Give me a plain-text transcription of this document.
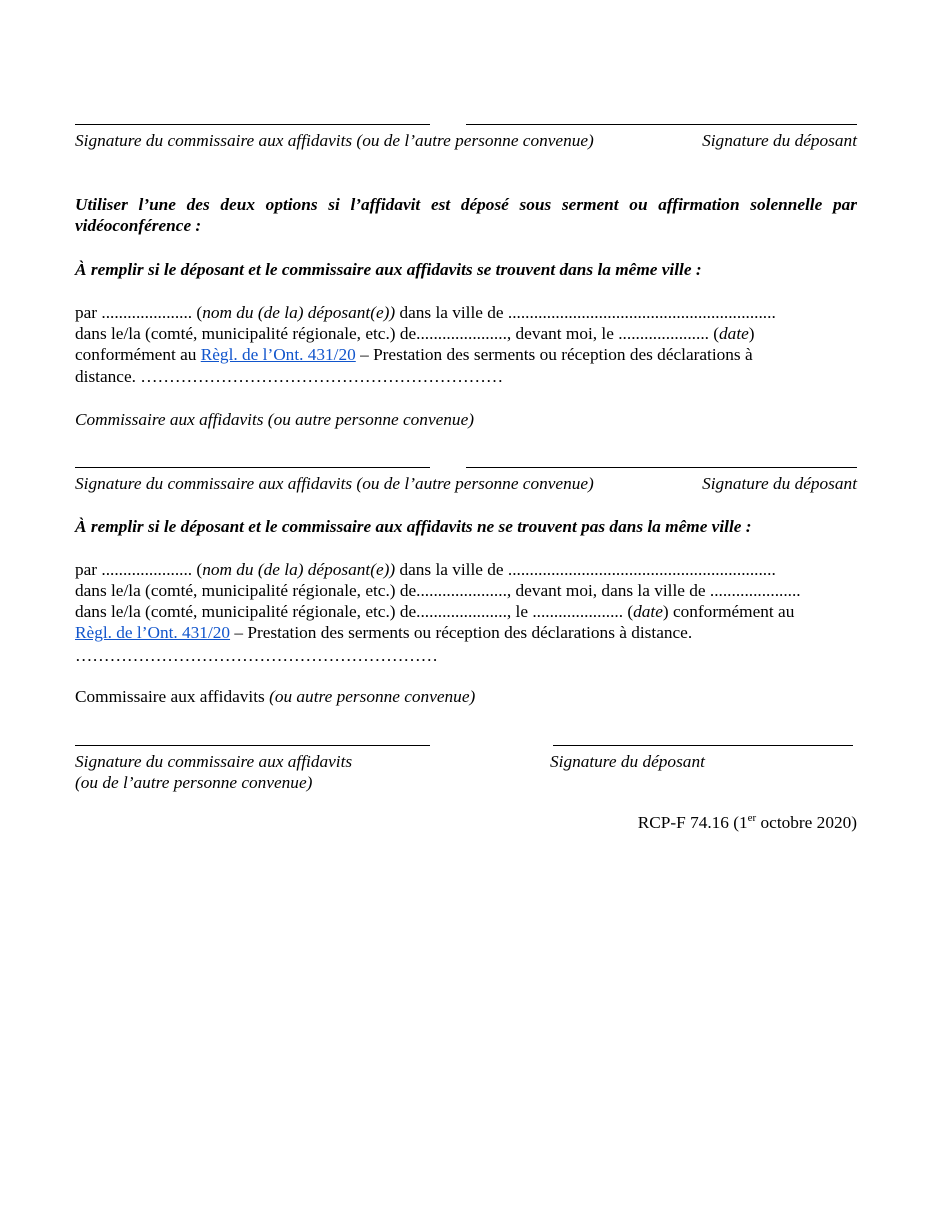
Signature du commissaire aux affidavits (ou de l’autre personne convenue)	Signature du déposant
Utiliser l’une des deux options si l’affidavit est déposé sous serment ou affirmation solennelle par
vidéoconférence :
À remplir si le déposant et le commissaire aux affidavits se trouvent dans la même ville :
par ..................... (nom du (de la) déposant(e)) dans la ville de ..............................................................
dans le/la (comté, municipalité régionale, etc.) de....................., devant moi, le ..................... (date)
conformément au Règl. de l’Ont. 431/20 – Prestation des serments ou réception des déclarations à
distance. ………………………………………………………
Commissaire aux affidavits (ou autre personne convenue)
Signature du commissaire aux affidavits (ou de l’autre personne convenue)	Signature du déposant
À remplir si le déposant et le commissaire aux affidavits ne se trouvent pas dans la même ville :
par ..................... (nom du (de la) déposant(e)) dans la ville de ..............................................................
dans le/la (comté, municipalité régionale, etc.) de....................., devant moi, dans la ville de .....................
dans le/la (comté, municipalité régionale, etc.) de....................., le ..................... (date) conformément au
Règl. de l’Ont. 431/20 – Prestation des serments ou réception des déclarations à distance.
………………………………………………………
Commissaire aux affidavits (ou autre personne convenue)
Signature du commissaire aux affidavits
(ou de l’autre personne convenue)
Signature du déposant
RCP-F 74.16 (1er octobre 2020)
